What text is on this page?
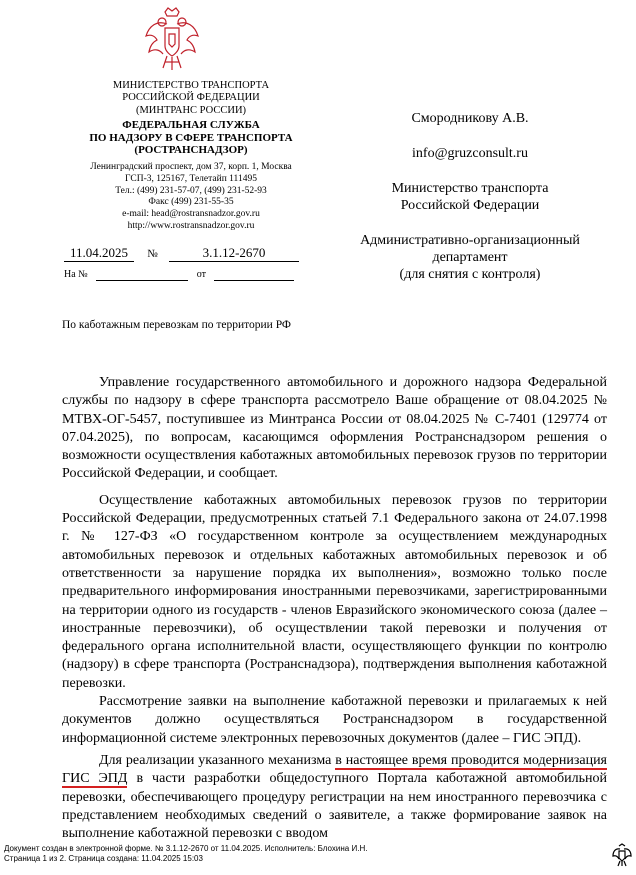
МИНИСТЕРСТВО ТРАНСПОРТА
РОССИЙСКОЙ ФЕДЕРАЦИИ
(МИНТРАНС РОССИИ)
ФЕДЕРАЛЬНАЯ СЛУЖБА
ПО НАДЗОРУ В СФЕРЕ ТРАНСПОРТА
(РОСТРАНСНАДЗОР)
Ленинградский проспект, дом 37, корп. 1, Москва
ГСП-3, 125167, Телетайп 111495
Тел.: (499) 231-57-07, (499) 231-52-93
Факс (499) 231-55-35
e-mail: head@rostransnadzor.gov.ru
http://www.rostransnadzor.gov.ru
11.04.2025 №	3.1.12-2670
На №	от
Смородникову А.В.
info@gruzconsult.ru
Министерство транспорта
Российской Федерации
Административно-организационный
департамент
(для снятия с контроля)
По каботажным перевозкам по территории РФ

Управление государственного автомобильного и дорожного надзора Федеральной службы по надзору в сфере транспорта рассмотрело Ваше обращение от 08.04.2025 № МТВХ-ОГ-5457, поступившее из Минтранса России от 08.04.2025 № С-7401 (129774 от 07.04.2025), по вопросам, касающимся оформления Ространснадзором решения о возможности осуществления каботажных автомобильных перевозок грузов по территории Российской Федерации, и сообщает.

Осуществление каботажных автомобильных перевозок грузов по территории Российской Федерации, предусмотренных статьей 7.1 Федерального закона от 24.07.1998 г. № 127-ФЗ «О государственном контроле за осуществлением международных автомобильных перевозок и отдельных каботажных автомобильных перевозок и об ответственности за нарушение порядка их выполнения», возможно только после предварительного информирования иностранными перевозчиками, зарегистрированными на территории одного из государств - членов Евразийского экономического союза (далее – иностранные перевозчики), об осуществлении такой перевозки и получения от федерального органа исполнительной власти, осуществляющего функции по контролю (надзору) в сфере транспорта (Ространснадзора), подтверждения выполнения каботажной перевозки.

Рассмотрение заявки на выполнение каботажной перевозки и прилагаемых к ней документов должно осуществляться Ространснадзором в государственной информационной системе электронных перевозочных документов (далее – ГИС ЭПД).

Для реализации указанного механизма в настоящее время проводится модернизация ГИС ЭПД в части разработки общедоступного Портала каботажной автомобильной перевозки, обеспечивающего процедуру регистрации на нем иностранного перевозчика с представлением необходимых сведений о заявителе, а также формирование заявок на выполнение каботажной перевозки с вводом

Документ создан в электронной форме. № 3.1.12-2670 от 11.04.2025. Исполнитель: Блохина И.Н.
Страница 1 из 2. Страница создана: 11.04.2025 15:03
